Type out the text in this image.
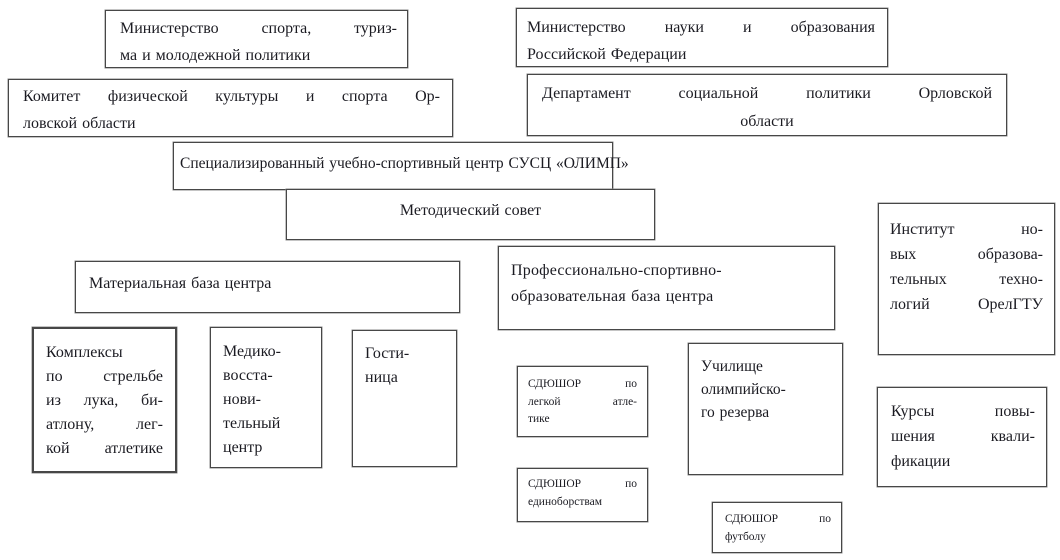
Министерство спорта, туриз-
ма и молодежной политики
Министерство науки и образования
Российской Федерации
Комитет физической культуры и спорта Ор-
ловской области
Департамент социальной политики Орловской
области
Специализированный учебно-спортивный центр СУСЦ «ОЛИМП»
Методический совет
Материальная база центра
Профессионально-спортивно-
образовательная база центра
Институт но-
вых образова-
тельных техно-
логий ОрелГТУ
Комплексы
по стрельбе
из лука, би-
атлону, лег-
кой атлетике
Медико-
восста-
нови-
тельный
центр
Гости-
ница	СДЮШОР по
легкой атле-
тике
Училище
олимпийско-
го резерва	Курсы повы-
шения квали-
фикации
СДЮШОР по
единоборствам
СДЮШОР по
футболу
